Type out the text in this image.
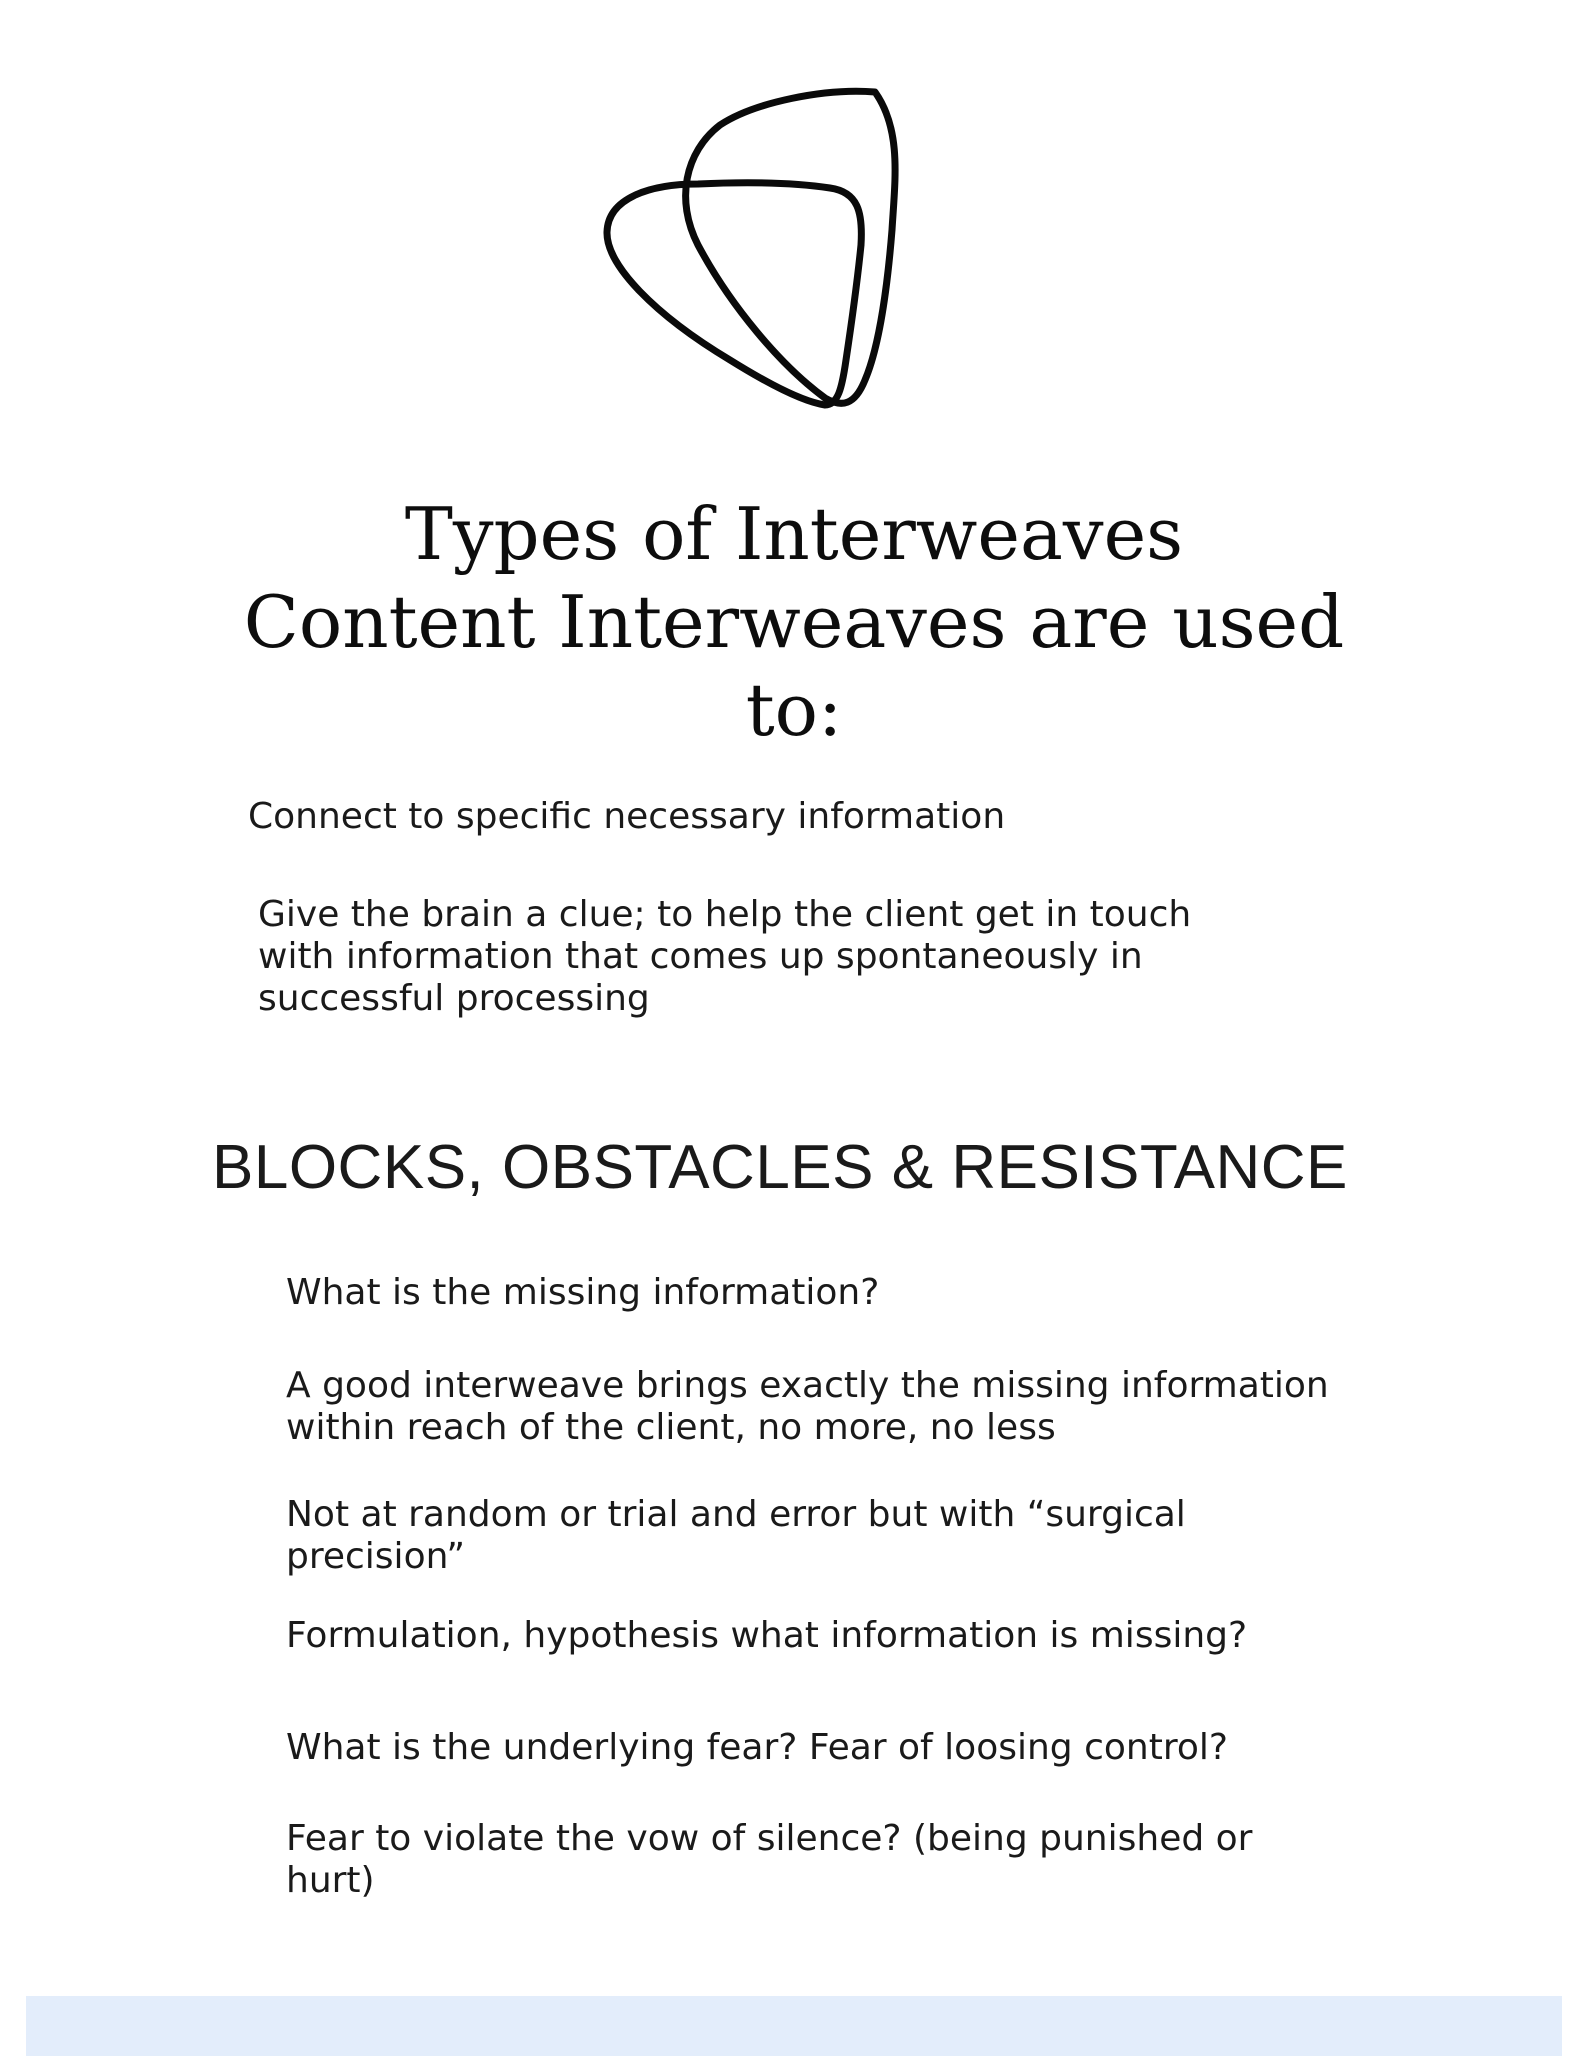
Types of Interweaves
Content Interweaves are used
to:

Connect to specific necessary information

Give the brain a clue; to help the client get in touch with information that comes up spontaneously in successful processing

BLOCKS, OBSTACLES & RESISTANCE

What is the missing information?

A good interweave brings exactly the missing information within reach of the client, no more, no less

Not at random or trial and error but with “surgical precision”

Formulation, hypothesis what information is missing?

What is the underlying fear? Fear of loosing control?

Fear to violate the vow of silence? (being punished or hurt)
